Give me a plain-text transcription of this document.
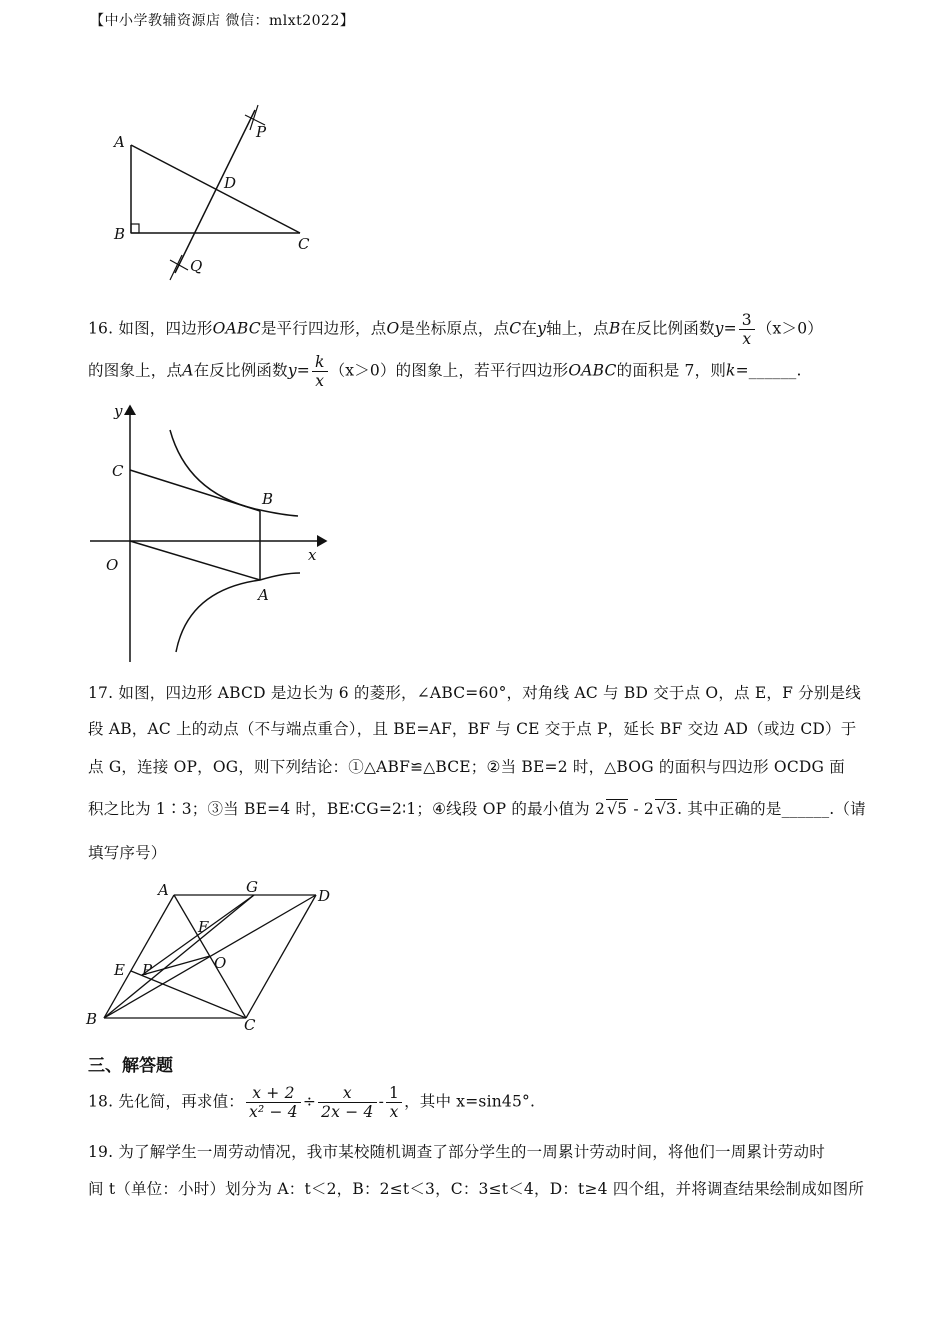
【中小学教辅资源店 微信：mlxt2022】
A
B
C
D
P
Q
16. 如图，四边形OABC是平行四边形，点O是坐标原点，点C在y轴上，点B在反比例函数$y= \frac{3}{x} (x>0)$
的图象上，点A在反比例函数$y= \frac{k}{x} (x>0)$的图象上，若平行四边形OABC的面积是 7，则k=______.
y
x
O
C
B
A
17. 如图，四边形 ABCD 是边长为 6 的菱形，∠ABC=60°，对角线 AC 与 BD 交于点 O，点 E，F 分别是线
段 AB，AC 上的动点（不与端点重合），且 BE=AF，BF 与 CE 交于点 P，延长 BF 交边 AD（或边 CD）于
点 G，连接 OP，OG，则下列结论：①△ABF≌△BCE；②当 BE=2 时，△BOG 的面积与四边形 OCDG 面
积之比为 1∶3；③当 BE=4 时，BE∶CG=2∶1；④线段 OP 的最小值为 2 √5 - 2 √3. 其中正确的是______.（请
填写序号）
A	G	D
F
O
E P
B	C
三、解答题
18. 先化简，再求值： $\frac{x + 2}{\text{x² − 4}} \div \frac{x}{2x - 4} - \frac{1}{x}$ ，其中 x=sin45°.
19. 为了解学生一周劳动情况，我市某校随机调查了部分学生的一周累计劳动时间，将他们一周累计劳动时
间 t（单位：小时）划分为 A：t＜2，B：2≤t＜3，C：3≤t＜4，D：t≥4 四个组，并将调查结果绘制成如图所
